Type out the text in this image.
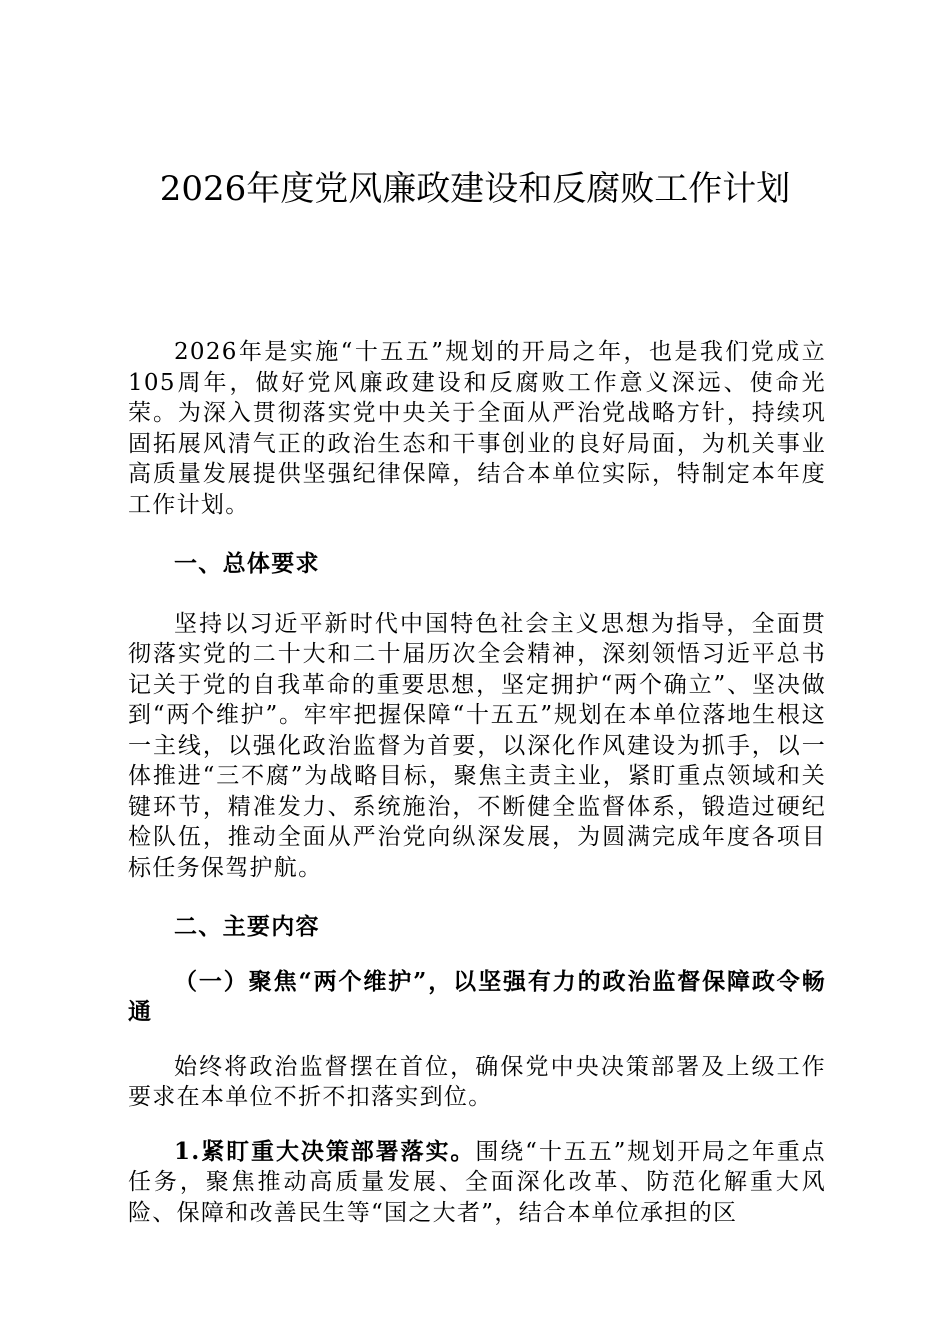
2026年度党风廉政建设和反腐败工作计划

2026年是实施“十五五”规划的开局之年，也是我们党成立105周年，做好党风廉政建设和反腐败工作意义深远、使命光荣。为深入贯彻落实党中央关于全面从严治党战略方针，持续巩固拓展风清气正的政治生态和干事创业的良好局面，为机关事业高质量发展提供坚强纪律保障，结合本单位实际，特制定本年度工作计划。

一、总体要求

坚持以习近平新时代中国特色社会主义思想为指导，全面贯彻落实党的二十大和二十届历次全会精神，深刻领悟习近平总书记关于党的自我革命的重要思想，坚定拥护“两个确立”、坚决做到“两个维护”。牢牢把握保障“十五五”规划在本单位落地生根这一主线，以强化政治监督为首要，以深化作风建设为抓手，以一体推进“三不腐”为战略目标，聚焦主责主业，紧盯重点领域和关键环节，精准发力、系统施治，不断健全监督体系，锻造过硬纪检队伍，推动全面从严治党向纵深发展，为圆满完成年度各项目标任务保驾护航。

二、主要内容

（一）聚焦“两个维护”，以坚强有力的政治监督保障政令畅通

始终将政治监督摆在首位，确保党中央决策部署及上级工作要求在本单位不折不扣落实到位。

1.紧盯重大决策部署落实。围绕“十五五”规划开局之年重点任务，聚焦推动高质量发展、全面深化改革、防范化解重大风险、保障和改善民生等“国之大者”，结合本单位承担的区
